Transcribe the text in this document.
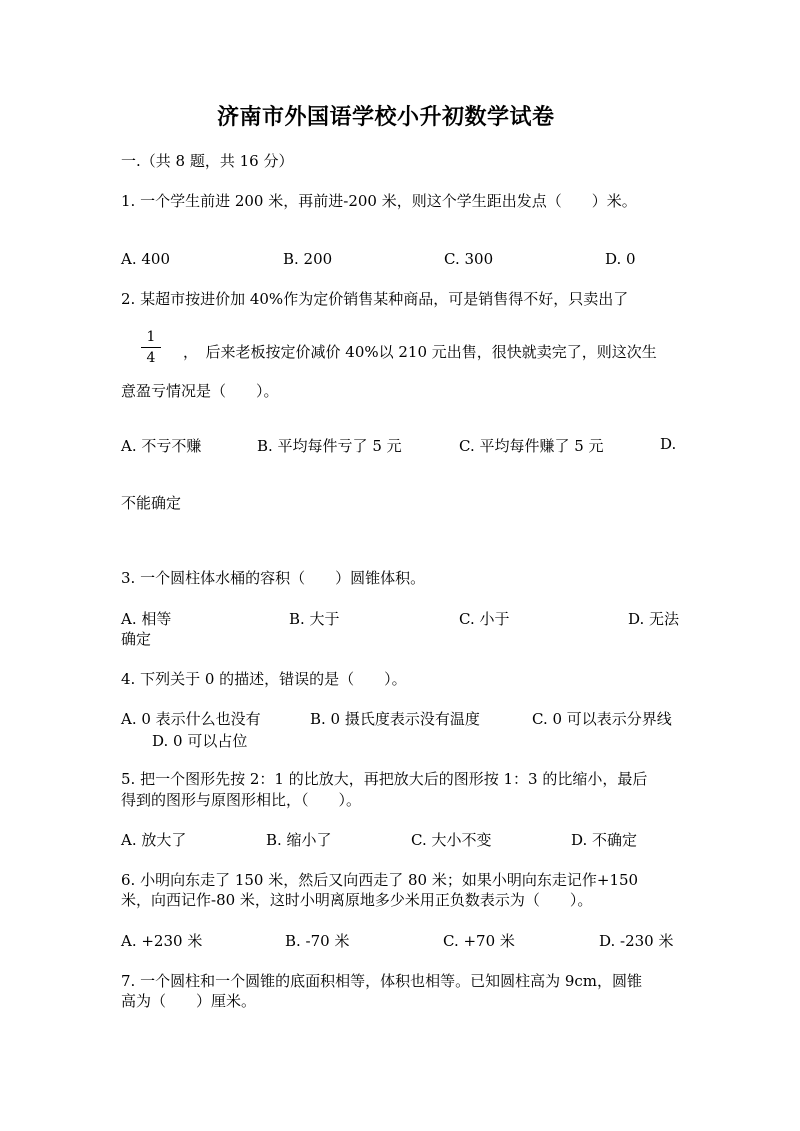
济南市外国语学校小升初数学试卷
一.（共 8 题，共 16 分）
1. 一个学生前进 200 米，再前进-200 米，则这个学生距出发点（　　）米。
A. 400	B. 200	C. 300	D. 0
2. 某超市按进价加 40%作为定价销售某种商品，可是销售得不好，只卖出了
1
4	，　后来老板按定价减价 40%以 210 元出售，很快就卖完了，则这次生
意盈亏情况是（　　）。
A. 不亏不赚	B. 平均每件亏了 5 元	C. 平均每件赚了 5 元	D.
不能确定
3. 一个圆柱体水桶的容积（　　）圆锥体积。
A. 相等	B. 大于	C. 小于	D. 无法
确定
4. 下列关于 0 的描述，错误的是（　　）。
A. 0 表示什么也没有	B. 0 摄氏度表示没有温度	C. 0 可以表示分界线
D. 0 可以占位
5. 把一个图形先按 2：1 的比放大，再把放大后的图形按 1：3 的比缩小，最后
得到的图形与原图形相比，（　　）。
A. 放大了	B. 缩小了	C. 大小不变	D. 不确定
6. 小明向东走了 150 米，然后又向西走了 80 米；如果小明向东走记作+150
米，向西记作-80 米，这时小明离原地多少米用正负数表示为（　　）。
A. +230 米	B. -70 米	C. +70 米	D. -230 米
7. 一个圆柱和一个圆锥的底面积相等，体积也相等。已知圆柱高为 9cm，圆锥
高为（　　）厘米。
